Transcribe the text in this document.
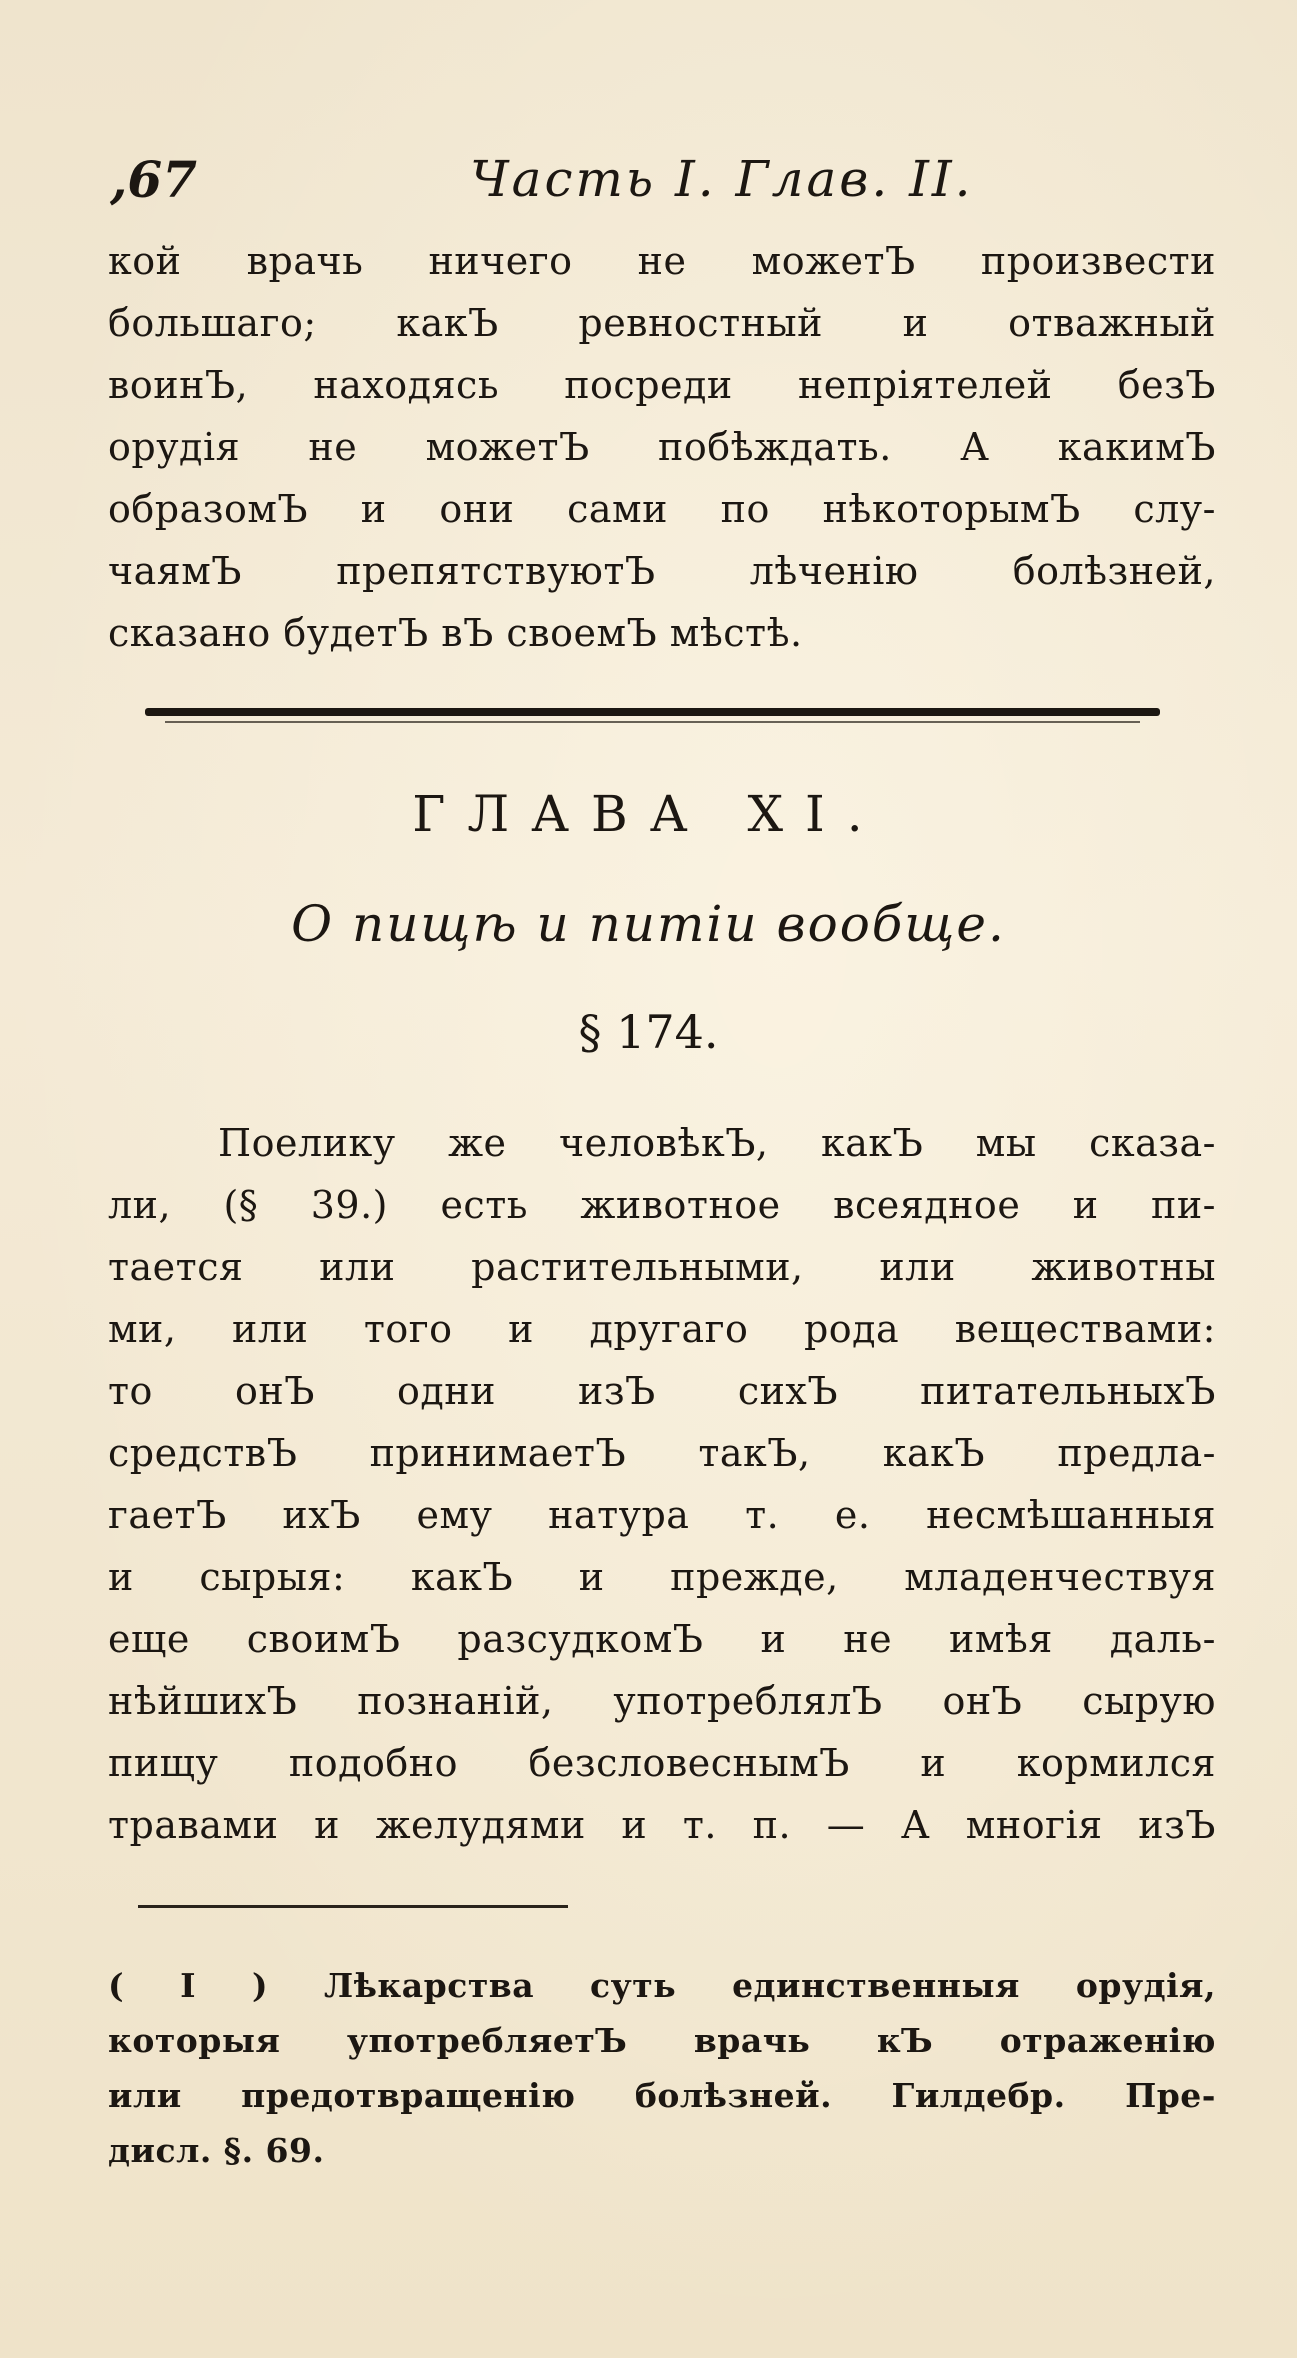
,67	Часть I. Глав. II.
кой врачь ничего не можетЪ произвести
большаго; какЪ ревностный и отважный
воинЪ, находясь посреди непріятелей безЪ
орудія не можетЪ побѣждать. А какимЪ
образомЪ и они сами по нѣкоторымЪ слу-
чаямЪ препятствуютЪ лѣченію болѣзней,
сказано будетЪ вЪ своемЪ мѣстѣ.
ГЛАВА XI.
О пищѣ и питіи вообще.
§ 174.
Поелику же человѣкЪ, какЪ мы сказа-
ли, (§ 39.) есть животное всеядное и пи-
тается или растительными, или животны
ми, или того и другаго рода веществами:
то онЪ одни изЪ сихЪ питательныхЪ
средствЪ принимаетЪ такЪ, какЪ предла-
гаетЪ ихЪ ему натура т. е. несмѣшанныя
и сырыя: какЪ и прежде, младенчествуя
еще своимЪ разсудкомЪ и не имѣя даль-
нѣйшихЪ познаній, употреблялЪ онЪ сырую
пищу подобно безсловеснымЪ и кормился
травами и желудями и т. п. — А многія изЪ
( I ) Лѣкарства суть единственныя орудія,
которыя употребляетЪ врачь кЪ отраженію
или предотвращенію болѣзней. Гилдебр. Пре-
дисл. §. 69.
